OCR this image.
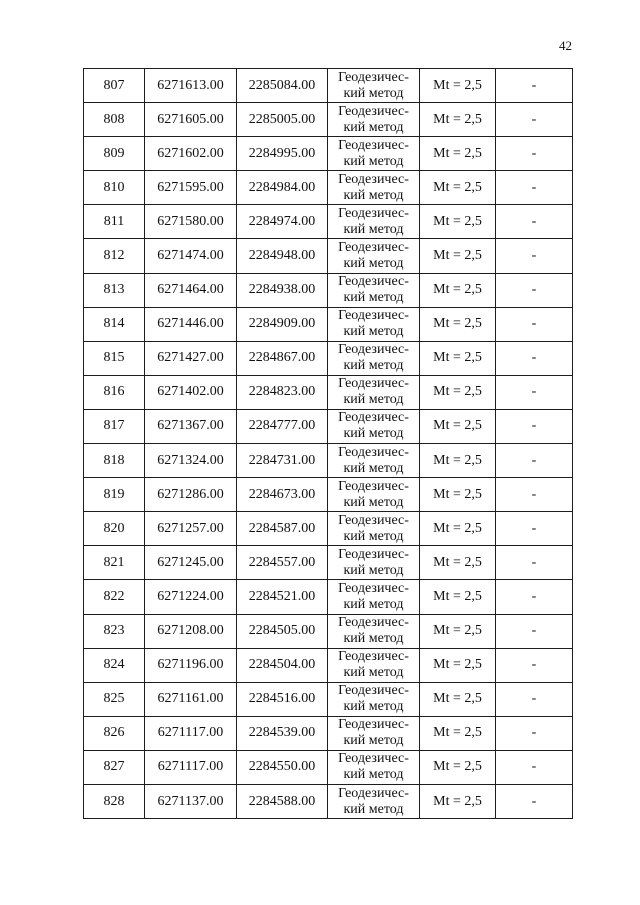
42
807	6271613.00	2285084.00	Геодезичес-
кий метод	Mt = 2,5	-
808	6271605.00	2285005.00	Геодезичес-
кий метод	Mt = 2,5	-
809	6271602.00	2284995.00	Геодезичес-
кий метод	Mt = 2,5	-
810	6271595.00	2284984.00	Геодезичес-
кий метод	Mt = 2,5	-
811	6271580.00	2284974.00	Геодезичес-
кий метод	Mt = 2,5	-
812	6271474.00	2284948.00	Геодезичес-
кий метод	Mt = 2,5	-
813	6271464.00	2284938.00	Геодезичес-
кий метод	Mt = 2,5	-
814	6271446.00	2284909.00	Геодезичес-
кий метод	Mt = 2,5	-
815	6271427.00	2284867.00	Геодезичес-
кий метод	Mt = 2,5	-
816	6271402.00	2284823.00	Геодезичес-
кий метод	Mt = 2,5	-
817	6271367.00	2284777.00	Геодезичес-
кий метод	Mt = 2,5	-
818	6271324.00	2284731.00	Геодезичес-
кий метод	Mt = 2,5	-
819	6271286.00	2284673.00	Геодезичес-
кий метод	Mt = 2,5	-
820	6271257.00	2284587.00	Геодезичес-
кий метод	Mt = 2,5	-
821	6271245.00	2284557.00	Геодезичес-
кий метод	Mt = 2,5	-
822	6271224.00	2284521.00	Геодезичес-
кий метод	Mt = 2,5	-
823	6271208.00	2284505.00	Геодезичес-
кий метод	Mt = 2,5	-
824	6271196.00	2284504.00	Геодезичес-
кий метод	Mt = 2,5	-
825	6271161.00	2284516.00	Геодезичес-
кий метод	Mt = 2,5	-
826	6271117.00	2284539.00	Геодезичес-
кий метод	Mt = 2,5	-
827	6271117.00	2284550.00	Геодезичес-
кий метод	Mt = 2,5	-
828	6271137.00	2284588.00	Геодезичес-
кий метод	Mt = 2,5	-
